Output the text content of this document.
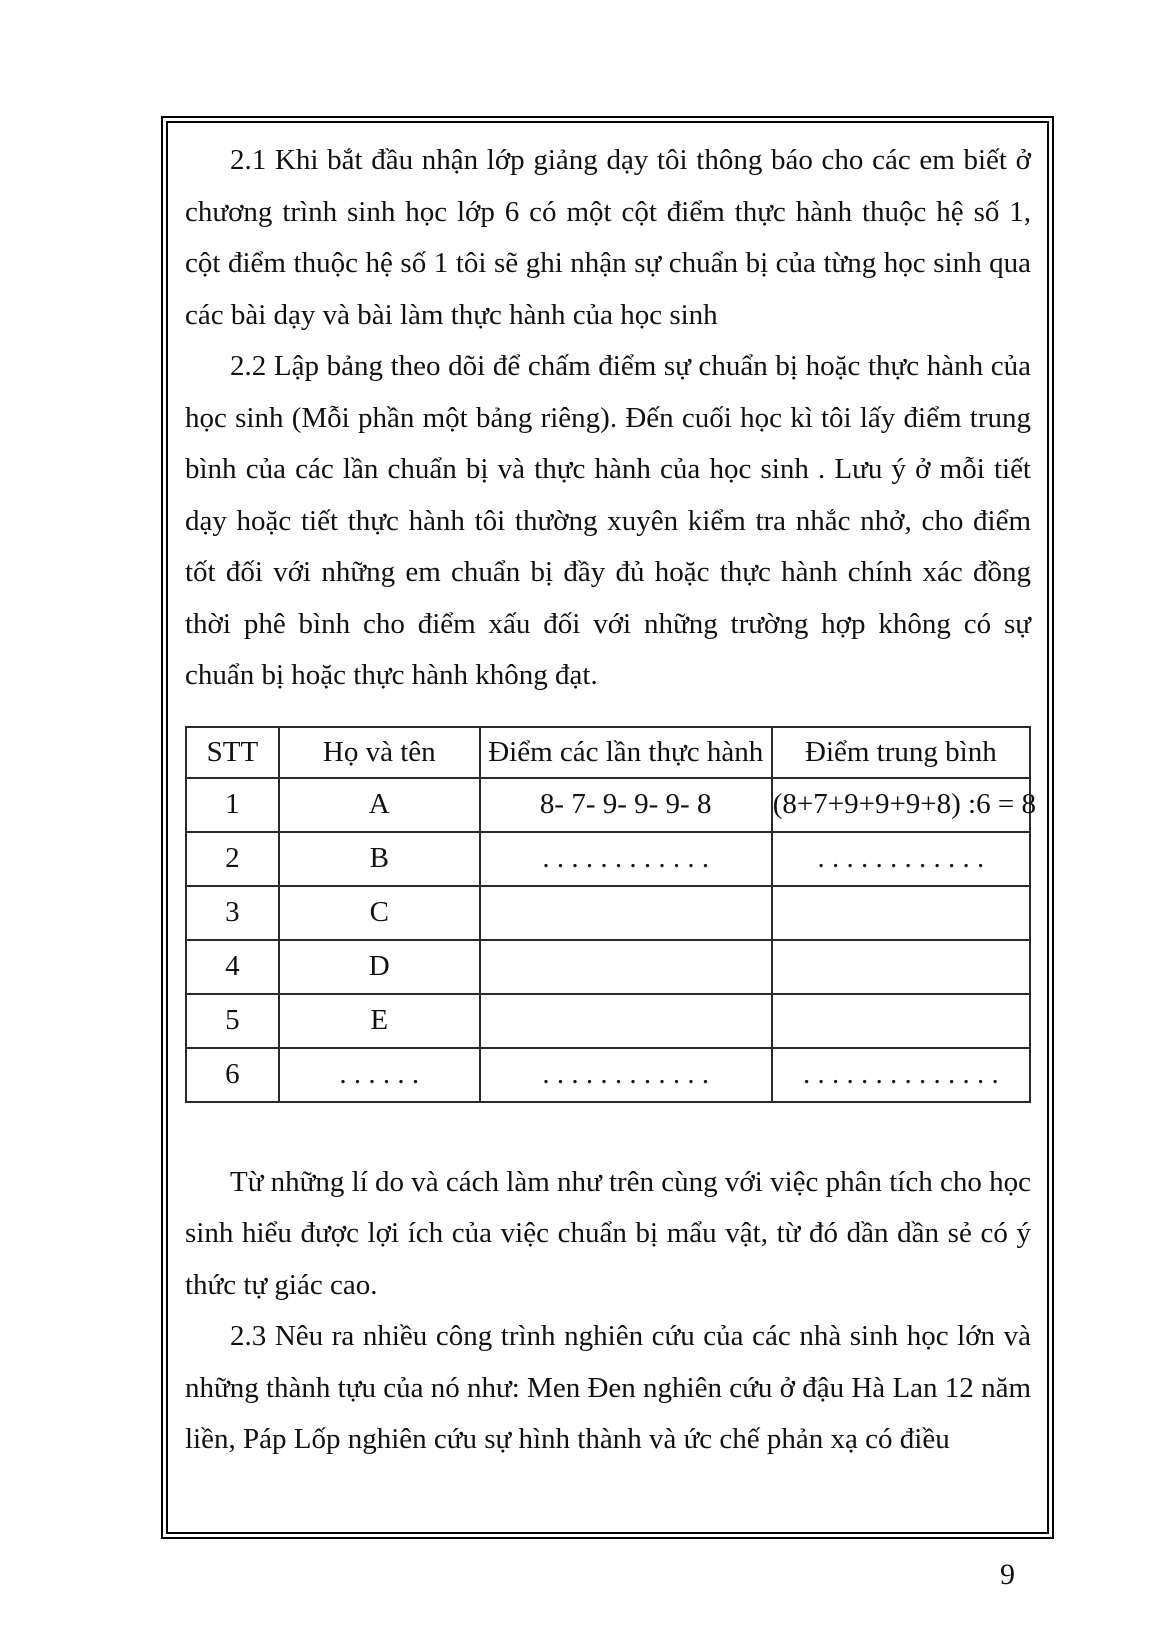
2.1 Khi bắt đầu nhận lớp giảng dạy tôi thông báo cho các em biết ở chương trình sinh học lớp 6 có một cột điểm thực hành thuộc hệ số 1, cột điểm thuộc hệ số 1 tôi sẽ ghi nhận sự chuẩn bị của từng học sinh qua các bài dạy và bài làm thực hành của học sinh

2.2 Lập bảng theo dõi để chấm điểm sự chuẩn bị hoặc thực hành của học sinh (Mỗi phần một bảng riêng). Đến cuối học kì tôi lấy điểm trung bình của các lần chuẩn bị và thực hành của học sinh . Lưu ý ở mỗi tiết dạy hoặc tiết thực hành tôi thường xuyên kiểm tra nhắc nhở, cho điểm tốt đối với những em chuẩn bị đầy đủ hoặc thực hành chính xác đồng thời phê bình cho điểm xấu đối với những trường hợp không có sự chuẩn bị hoặc thực hành không đạt.

STT	Họ và tên	Điểm các lần thực hành	Điểm trung bình
1	A	8- 7- 9- 9- 9- 8	(8+7+9+9+9+8) :6 = 8
2	B	. . . . . . . . . . . .	. . . . . . . . . . . .
3	C		
4	D		
5	E		
6	. . . . . .	. . . . . . . . . . . .	. . . . . . . . . . . . . .

Từ những lí do và cách làm như trên cùng với việc phân tích cho học sinh hiểu được lợi ích của việc chuẩn bị mẩu vật, từ đó dần dần sẻ có ý thức tự giác cao.

2.3 Nêu ra nhiều công trình nghiên cứu của các nhà sinh học lớn và những thành tựu của nó như: Men Đen nghiên cứu ở đậu Hà Lan 12 năm liền, Páp Lốp nghiên cứu sự hình thành và ức chế phản xạ có điều

9
